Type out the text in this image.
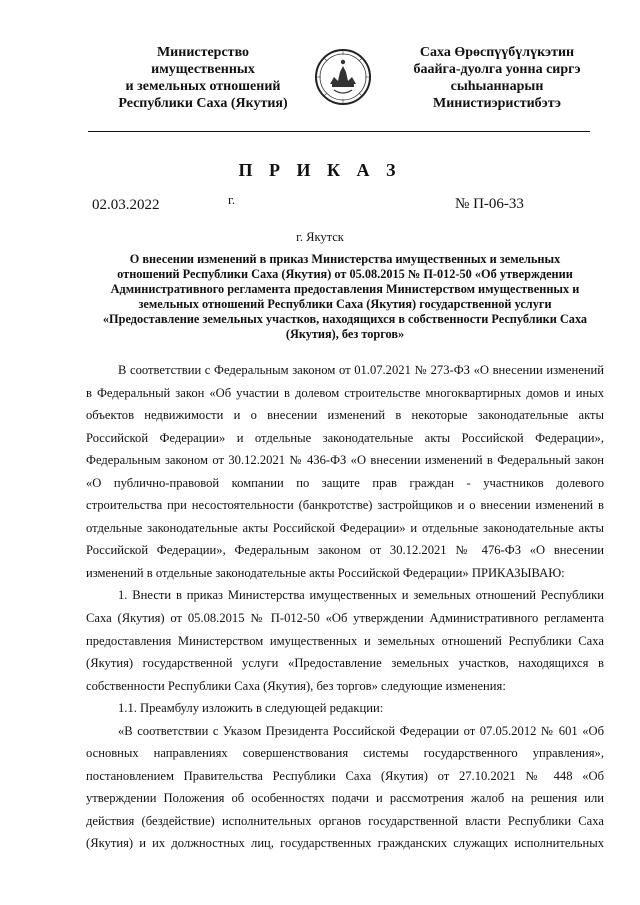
Министерство
имущественных
и земельных отношений
Республики Саха (Якутия)
Саха Өрөспүүбүлүкэтин
баайга-дуолга уонна сиргэ
сыһыаннарын
Министиэристибэтэ
П Р И К А З
02.03.2022	г.	№ П-06-33
г. Якутск
О внесении изменений в приказ Министерства имущественных и земельных
отношений Республики Саха (Якутия) от 05.08.2015 № П-012-50 «Об утверждении
Административного регламента предоставления Министерством имущественных и
земельных отношений Республики Саха (Якутия) государственной услуги
«Предоставление земельных участков, находящихся в собственности Республики Саха
(Якутия), без торгов»
В соответствии с Федеральным законом от 01.07.2021 № 273-ФЗ «О внесении изменений
в Федеральный закон «Об участии в долевом строительстве многоквартирных домов и иных
объектов недвижимости и о внесении изменений в некоторые законодательные акты
Российской Федерации» и отдельные законодательные акты Российской Федерации»,
Федеральным законом от 30.12.2021 № 436-ФЗ «О внесении изменений в Федеральный закон
«О публично-правовой компании по защите прав граждан - участников долевого
строительства при несостоятельности (банкротстве) застройщиков и о внесении изменений в
отдельные законодательные акты Российской Федерации» и отдельные законодательные акты
Российской Федерации», Федеральным законом от 30.12.2021 № 476-ФЗ «О внесении
изменений в отдельные законодательные акты Российской Федерации» ПРИКАЗЫВАЮ:
1. Внести в приказ Министерства имущественных и земельных отношений Республики
Саха (Якутия) от 05.08.2015 № П-012-50 «Об утверждении Административного регламента
предоставления Министерством имущественных и земельных отношений Республики Саха
(Якутия) государственной услуги «Предоставление земельных участков, находящихся в
собственности Республики Саха (Якутия), без торгов» следующие изменения:
1.1. Преамбулу изложить в следующей редакции:
«В соответствии с Указом Президента Российской Федерации от 07.05.2012 № 601 «Об
основных направлениях совершенствования системы государственного управления»,
постановлением Правительства Республики Саха (Якутия) от 27.10.2021 № 448 «Об
утверждении Положения об особенностях подачи и рассмотрения жалоб на решения или
действия (бездействие) исполнительных органов государственной власти Республики Саха
(Якутия) и их должностных лиц, государственных гражданских служащих исполнительных
